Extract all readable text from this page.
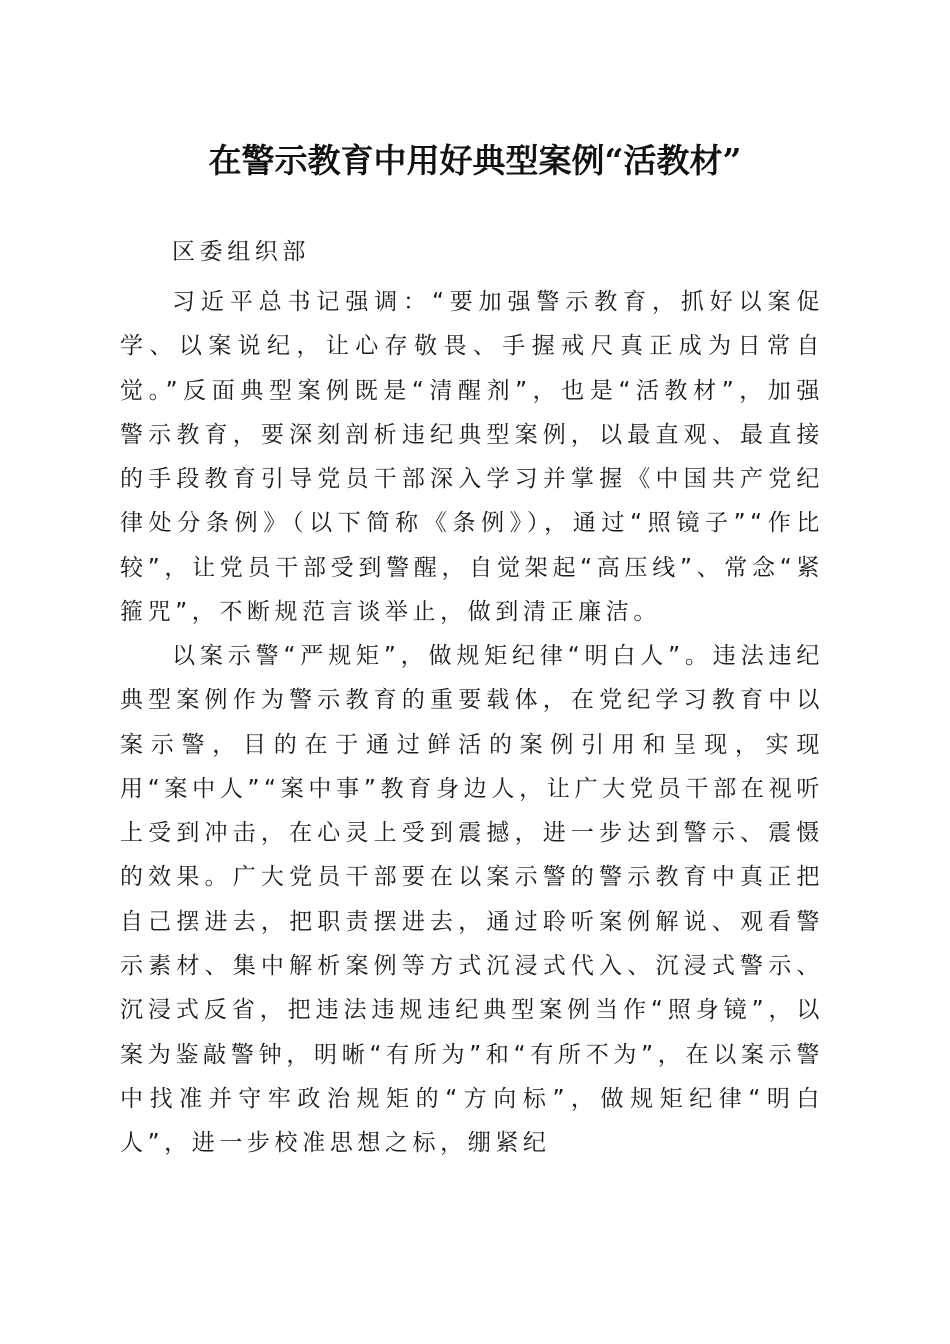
在警示教育中用好典型案例“活教材”
区委组织部
习近平总书记强调：“要加强警示教育，抓好以案促学、以案说纪，让心存敬畏、手握戒尺真正成为日常自觉。”反面典型案例既是“清醒剂”，也是“活教材”，加强警示教育，要深刻剖析违纪典型案例，以最直观、最直接的手段教育引导党员干部深入学习并掌握《中国共产党纪律处分条例》（以下简称《条例》），通过“照镜子”“作比较”，让党员干部受到警醒，自觉架起“高压线”、常念“紧箍咒”，不断规范言谈举止，做到清正廉洁。
以案示警“严规矩”，做规矩纪律“明白人”。违法违纪典型案例作为警示教育的重要载体，在党纪学习教育中以案示警，目的在于通过鲜活的案例引用和呈现，实现用“案中人”“案中事”教育身边人，让广大党员干部在视听上受到冲击，在心灵上受到震撼，进一步达到警示、震慑的效果。广大党员干部要在以案示警的警示教育中真正把自己摆进去，把职责摆进去，通过聆听案例解说、观看警示素材、集中解析案例等方式沉浸式代入、沉浸式警示、沉浸式反省，把违法违规违纪典型案例当作“照身镜”，以案为鉴敲警钟，明晰“有所为”和“有所不为”，在以案示警中找准并守牢政治规矩的“方向标”，做规矩纪律“明白人”，进一步校准思想之标，绷紧纪
